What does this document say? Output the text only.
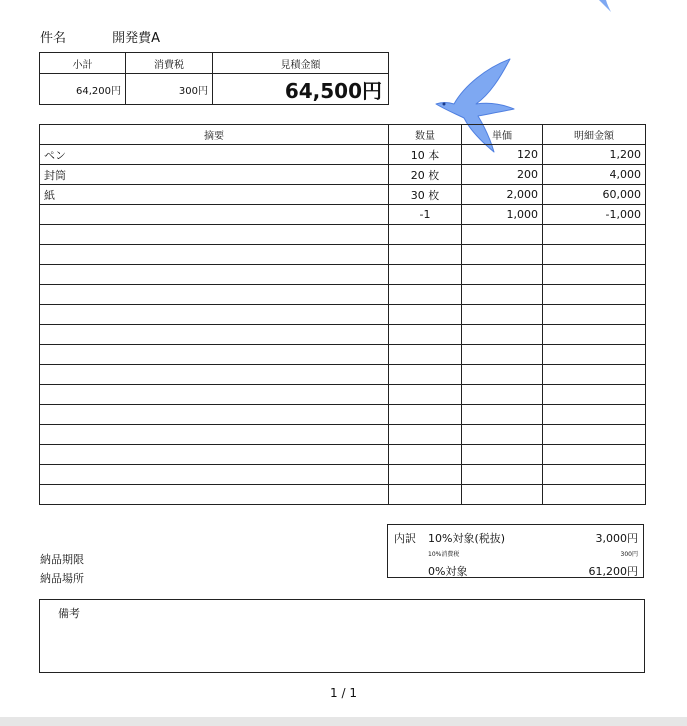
件名	開発費A
小計	消費税	見積金額
64,200円	300円	64,500円
摘要	数量	単価	明細金額
ペン	10 本	120	1,200
封筒	20 枚	200	4,000
紙	30 枚	2,000	60,000
	-1	1,000	-1,000

納品期限
納品場所
内訳 10%対象(税抜)	3,000円
10%消費税	300円
0%対象	61,200円
備考
1 / 1
